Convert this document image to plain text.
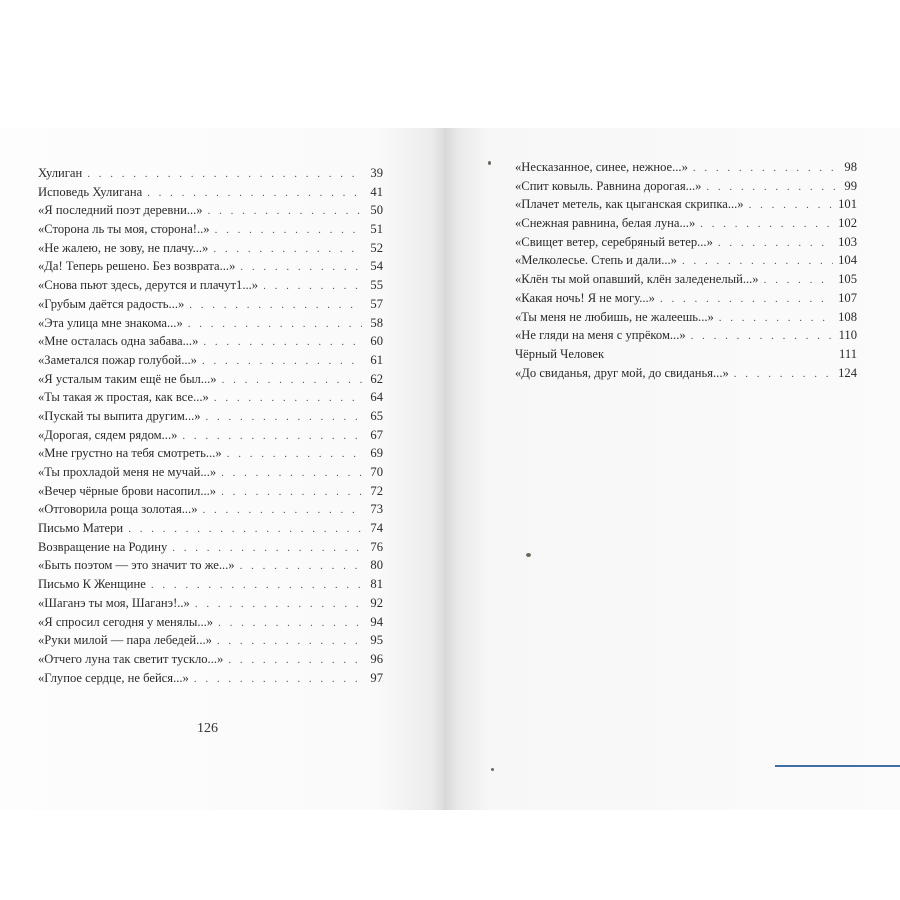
Хулиган . . .	39
Исповедь Хулигана . . .	41
«Я последний поэт деревни...» . . .	50
«Сторона ль ты моя, сторона!..» . . .	51
«Не жалею, не зову, не плачу...» . . .	52
«Да! Теперь решено. Без возврата...» . . .	54
«Снова пьют здесь, дерутся и плачут1...» . . .	55
«Грубым даётся радость...» . . .	57
«Эта улица мне знакома...» . . .	58
«Мне осталась одна забава...» . . .	60
«Заметался пожар голубой...» . . .	61
«Я усталым таким ещё не был...» . . .	62
«Ты такая ж простая, как все...» . . .	64
«Пускай ты выпита другим...» . . .	65
«Дорогая, сядем рядом...» . . .	67
«Мне грустно на тебя смотреть...» . . .	69
«Ты прохладой меня не мучай...» . . .	70
«Вечер чёрные брови насопил...» . . .	72
«Отговорила роща золотая...» . . .	73
Письмо Матери . . .	74
Возвращение на Родину . . .	76
«Быть поэтом — это значит то же...» . . .	80
Письмо К Женщине . . .	81
«Шаганэ ты моя, Шаганэ!..» . . .	92
«Я спросил сегодня у менялы...» . . .	94
«Руки милой — пара лебедей...» . . .	95
«Отчего луна так светит тускло...» . . .	96
«Глупое сердце, не бейся...» . . .	97
126
«Несказанное, синее, нежное...» . . .	98
«Спит ковыль. Равнина дорогая...» . . .	99
«Плачет метель, как цыганская скрипка...» . . .	101
«Снежная равнина, белая луна...» . . .	102
«Свищет ветер, серебряный ветер...» . . .	103
«Мелколесье. Степь и дали...» . . .	104
«Клён ты мой опавший, клён заледенелый...» . . .	105
«Какая ночь! Я не могу...» . . .	107
«Ты меня не любишь, не жалеешь...» . . .	108
«Не гляди на меня с упрёком...» . . .	110
Чёрный Человек	111
«До свиданья, друг мой, до свиданья...» . . .	124
